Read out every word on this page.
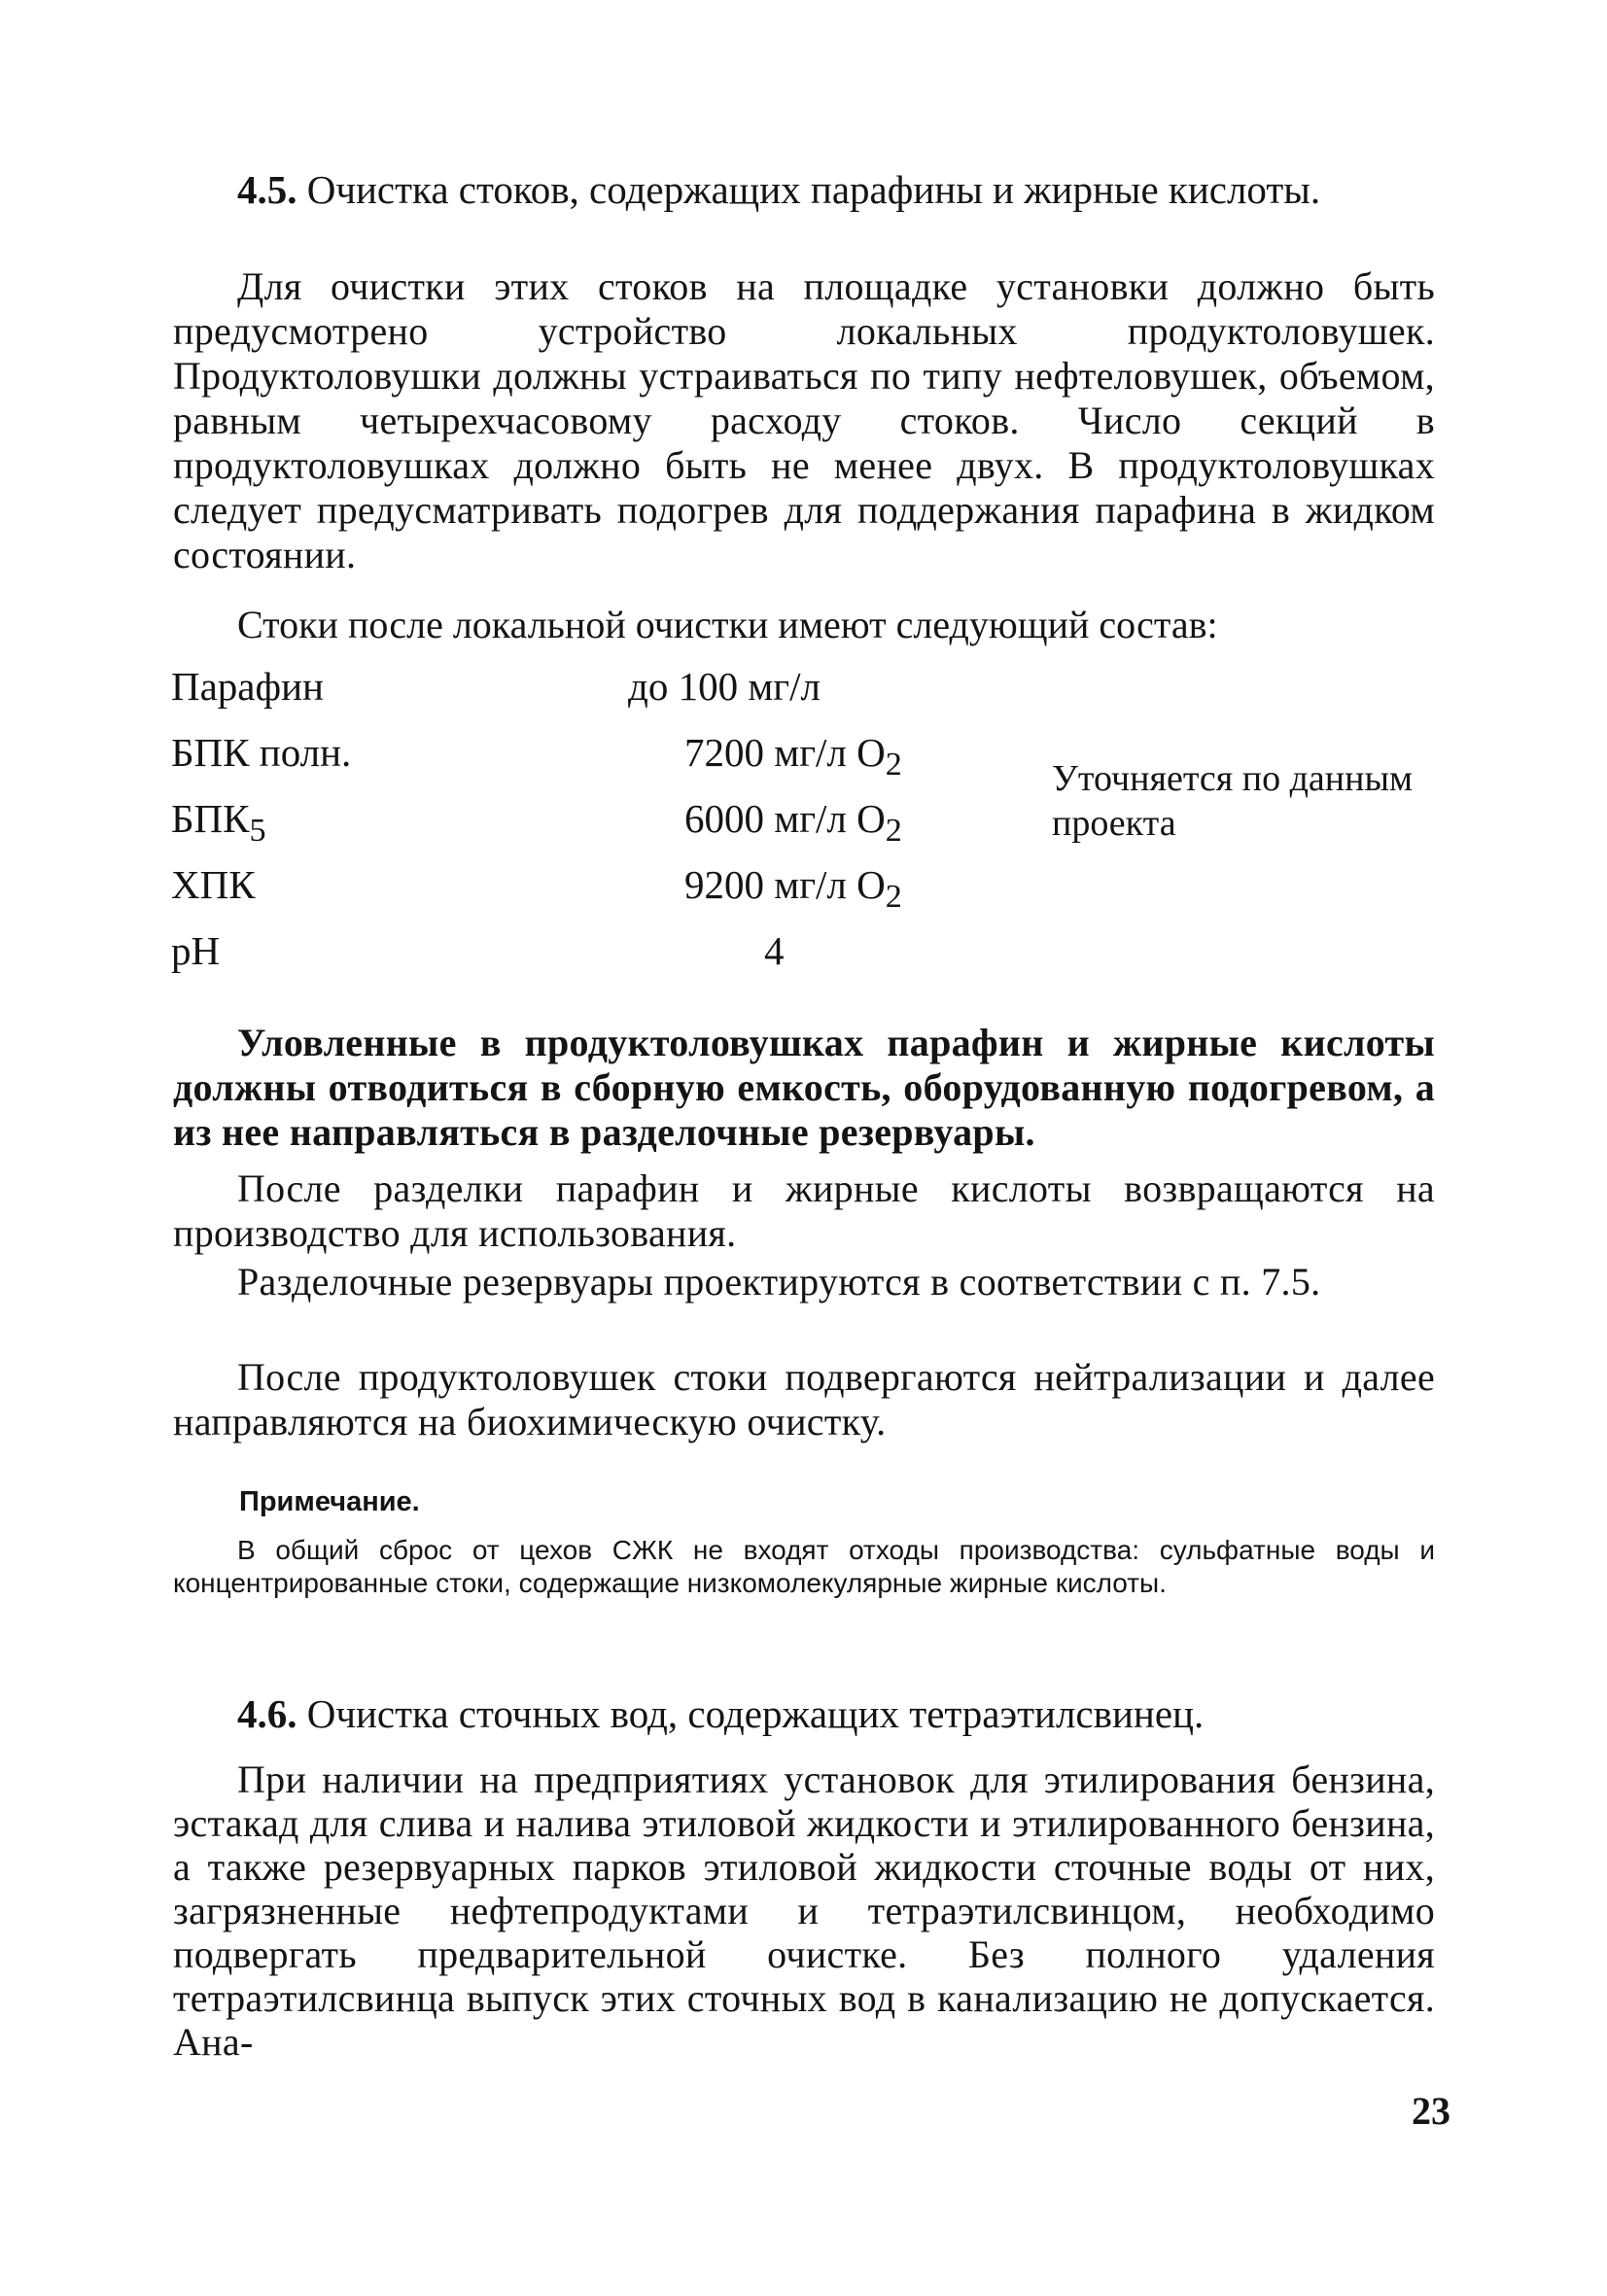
4.5. Очистка стоков, содержащих парафины и жирные кислоты.

Для очистки этих стоков на площадке установки должно быть предусмотрено устройство локальных продуктоловушек. Продуктоловушки должны устраиваться по типу нефтеловушек, объемом, равным четырехчасовому расходу стоков. Число секций в продуктоловушках должно быть не менее двух. В продуктоловушках следует предусматривать подогрев для поддержания парафина в жидком состоянии.

Стоки после локальной очистки имеют следующий состав:

Парафин	до 100 мг/л
БПК полн.	7200 мг/л $O_2$
$БПК_5$	6000 мг/л $O_2$
ХПК	9200 мг/л $O_2$
pH	4
Уточняется по данным проекта

Уловленные в продуктоловушках парафин и жирные кислоты должны отводиться в сборную емкость, оборудованную подогревом, а из нее направляться в разделочные резервуары.

После разделки парафин и жирные кислоты возвращаются на производство для использования.

Разделочные резервуары проектируются в соответствии с п. 7.5.

После продуктоловушек стоки подвергаются нейтрализации и далее направляются на биохимическую очистку.

Примечание.

В общий сброс от цехов СЖК не входят отходы производства: сульфатные воды и концентрированные стоки, содержащие низкомолекулярные жирные кислоты.

4.6. Очистка сточных вод, содержащих тетраэтилсвинец.

При наличии на предприятиях установок для этилирования бензина, эстакад для слива и налива этиловой жидкости и этилированного бензина, а также резервуарных парков этиловой жидкости сточные воды от них, загрязненные нефтепродуктами и тетраэтилсвинцом, необходимо подвергать предварительной очистке. Без полного удаления тетраэтилсвинца выпуск этих сточных вод в канализацию не допускается. Ана-

23
